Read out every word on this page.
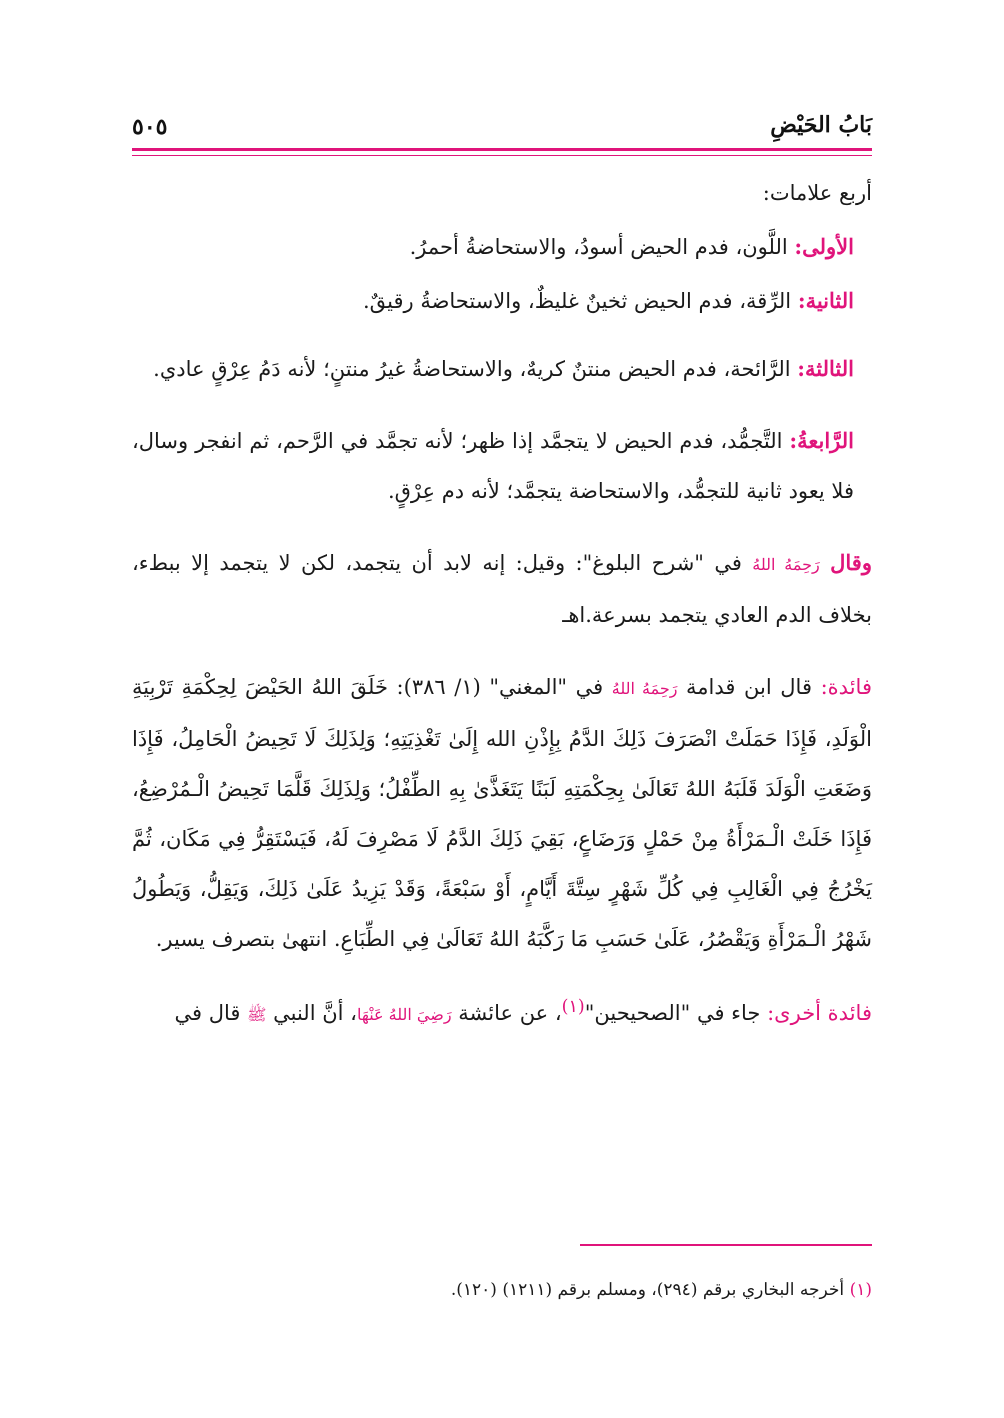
بَابُ الحَيْضِ
٥٠٥

أربع علامات:

الأولى: اللَّون، فدم الحيض أسودُ، والاستحاضةُ أحمرُ.

الثانية: الرِّقة، فدم الحيض ثخينٌ غليظٌ، والاستحاضةُ رقيقٌ.

الثالثة: الرَّائحة، فدم الحيض منتنٌ كريهٌ، والاستحاضةُ غيرُ منتنٍ؛ لأنه دَمُ عِرْقٍ عادي.

الرَّابعةُ: التَّجمُّد، فدم الحيض لا يتجمَّد إذا ظهر؛ لأنه تجمَّد في الرَّحم، ثم انفجر وسال، فلا يعود ثانية للتجمُّد، والاستحاضة يتجمَّد؛ لأنه دم عِرْقٍ.

وقال رَحِمَهُ اللهُ في "شرح البلوغ": وقيل: إنه لابد أن يتجمد، لكن لا يتجمد إلا ببطء، بخلاف الدم العادي يتجمد بسرعة.اهـ

فائدة: قال ابن قدامة رَحِمَهُ اللهُ في "المغني" (١/ ٣٨٦): خَلَقَ اللهُ الحَيْضَ لِحِكْمَةِ تَرْبِيَةِ الْوَلَدِ، فَإِذَا حَمَلَتْ انْصَرَفَ ذَلِكَ الدَّمُ بِإِذْنِ الله إِلَىٰ تَغْذِيَتِهِ؛ وَلِذَلِكَ لَا تَحِيضُ الْحَامِلُ، فَإِذَا وَضَعَتِ الْوَلَدَ قَلَبَهُ اللهُ تَعَالَىٰ بِحِكْمَتِهِ لَبَنًا يَتَغَذَّىٰ بِهِ الطِّفْلُ؛ وَلِذَلِكَ قَلَّمَا تَحِيضُ الْـمُرْضِعُ، فَإِذَا خَلَتْ الْـمَرْأَةُ مِنْ حَمْلٍ وَرَضَاعٍ، بَقِيَ ذَلِكَ الدَّمُ لَا مَصْرِفَ لَهُ، فَيَسْتَقِرُّ فِي مَكَان، ثُمَّ يَخْرُجُ فِي الْغَالِبِ فِي كُلِّ شَهْرٍ سِتَّةَ أَيَّامٍ، أَوْ سَبْعَةً، وَقَدْ يَزِيدُ عَلَىٰ ذَلِكَ، وَيَقِلُّ، وَيَطُولُ شَهْرُ الْـمَرْأَةِ وَيَقْصُرُ، عَلَىٰ حَسَبِ مَا رَكَّبَهُ اللهُ تَعَالَىٰ فِي الطِّبَاعِ. انتهىٰ بتصرف يسير.

فائدة أخرى: جاء في "الصحيحين"$^{(١)}$، عن عائشة رَضِيَ اللهُ عَنْهَا، أنَّ النبي ﷺ قال في

(١) أخرجه البخاري برقم (٢٩٤)، ومسلم برقم (١٢١١) (١٢٠).
